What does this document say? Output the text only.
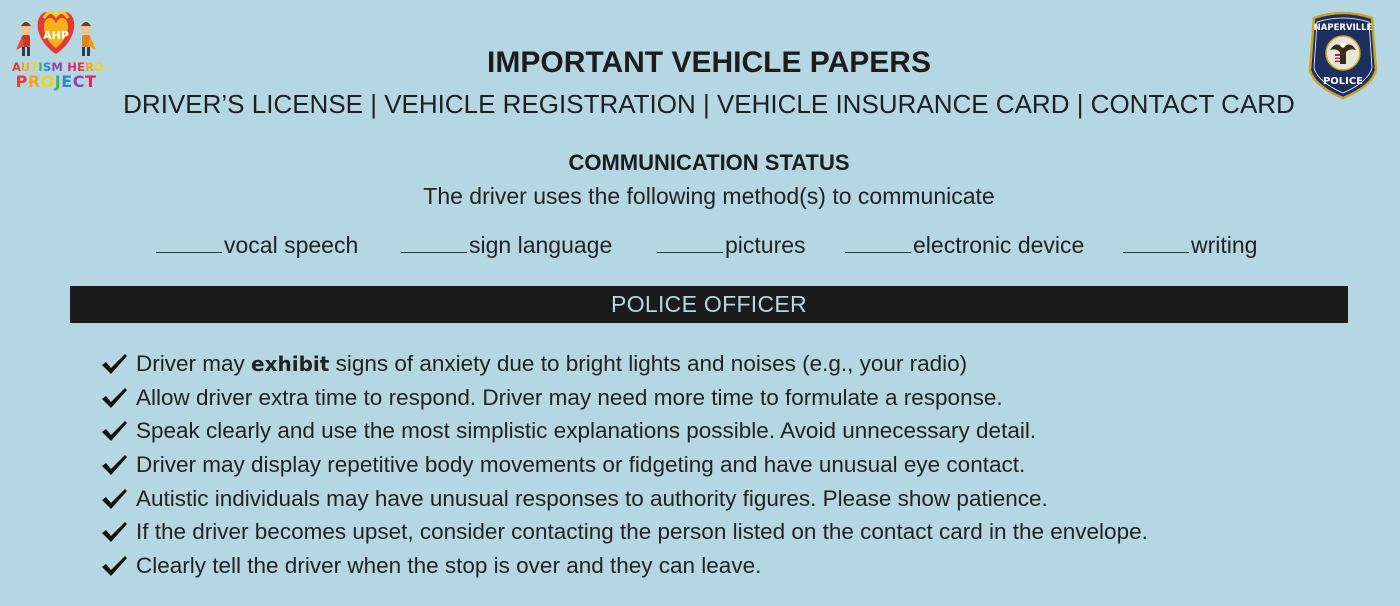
AHP
AUTISM HERO
PROJECT
NAPERVILLE
POLICE
IMPORTANT VEHICLE PAPERS
DRIVER’S LICENSE | VEHICLE REGISTRATION | VEHICLE INSURANCE CARD | CONTACT CARD
COMMUNICATION STATUS
The driver uses the following method(s) to communicate
vocal speech	sign language	pictures	electronic device	writing
POLICE OFFICER
Driver may exhibit signs of anxiety due to bright lights and noises (e.g., your radio)
Allow driver extra time to respond. Driver may need more time to formulate a response.
Speak clearly and use the most simplistic explanations possible. Avoid unnecessary detail.
Driver may display repetitive body movements or fidgeting and have unusual eye contact.
Autistic individuals may have unusual responses to authority figures. Please show patience.
If the driver becomes upset, consider contacting the person listed on the contact card in the envelope.
Clearly tell the driver when the stop is over and they can leave.
